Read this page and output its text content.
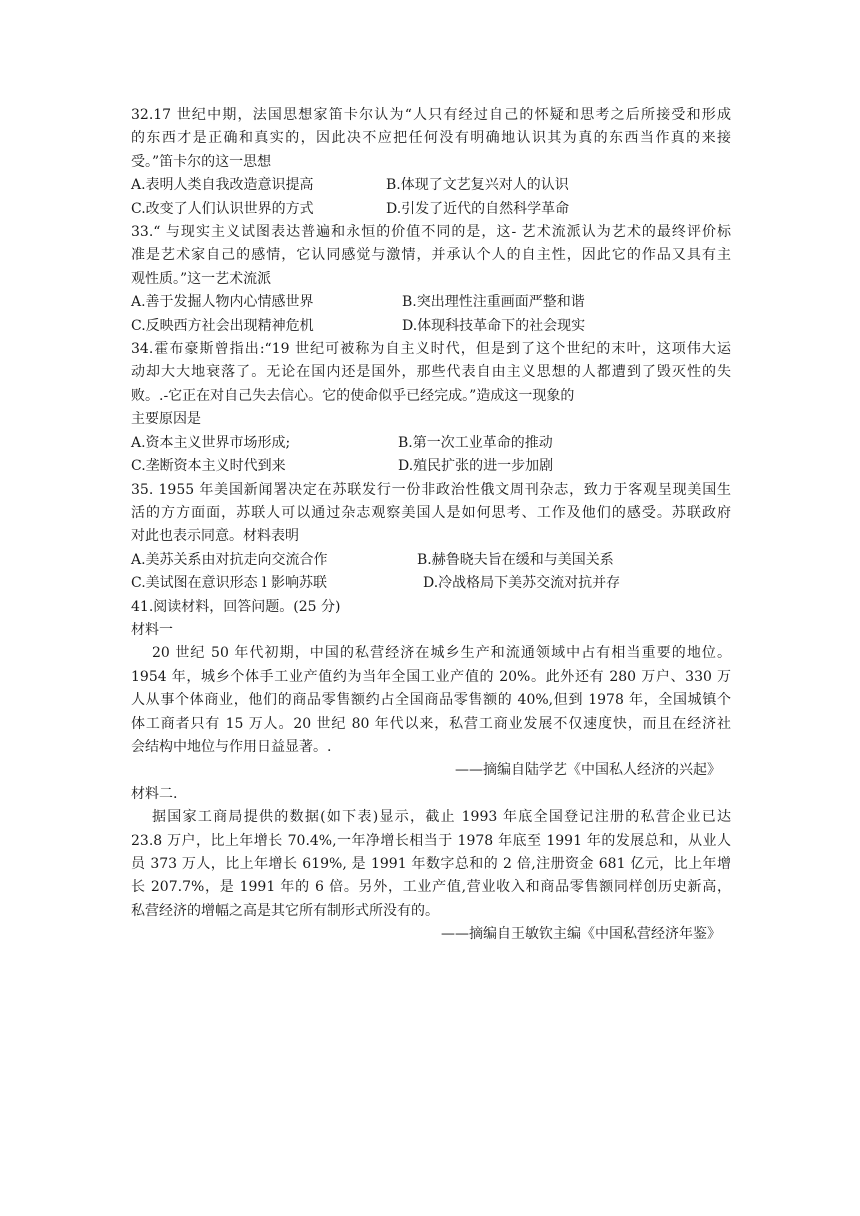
32.17 世纪中期，法国思想家笛卡尔认为“人只有经过自己的怀疑和思考之后所接受和形成
的东西才是正确和真实的，因此决不应把任何没有明确地认识其为真的东西当作真的来接
受。”笛卡尔的这一思想
A.表明人类自我改造意识提高	B.体现了文艺复兴对人的认识
C.改变了人们认识世界的方式	D.引发了近代的自然科学革命
33.“ 与现实主义试图表达普遍和永恒的价值不同的是，这- 艺术流派认为艺术的最终评价标
准是艺术家自己的感情，它认同感觉与激情，并承认个人的自主性，因此它的作品又具有主
观性质。”这一艺术流派
A.善于发掘人物内心情感世界	B.突出理性注重画面严整和谐
C.反映西方社会出现精神危机	D.体现科技革命下的社会现实
34.霍布豪斯曾指出:“19 世纪可被称为自主义时代，但是到了这个世纪的末叶，这项伟大运
动却大大地衰落了。无论在国内还是国外，那些代表自由主义思想的人都遭到了毁灭性的失
败。.-它正在对自己失去信心。它的使命似乎已经完成。”造成这一现象的
主要原因是
A.资本主义世界市场形成;	B.第一次工业革命的推动
C.垄断资本主义时代到来	D.殖民扩张的进一步加剧
35. 1955 年美国新闻署决定在苏联发行一份非政治性俄文周刊杂志，致力于客观呈现美国生
活的方方面面，苏联人可以通过杂志观察美国人是如何思考、工作及他们的感受。苏联政府
对此也表示同意。材料表明
A.美苏关系由对抗走向交流合作	B.赫鲁晓夫旨在缓和与美国关系
C.美试图在意识形态 l 影响苏联	D.冷战格局下美苏交流对抗并存
41.阅读材料，回答问题。(25 分)
材料一
20 世纪 50 年代初期，中国的私营经济在城乡生产和流通领域中占有相当重要的地位。
1954 年，城乡个体手工业产值约为当年全国工业产值的 20%。此外还有 280 万户、330 万
人从事个体商业，他们的商品零售额约占全国商品零售额的 40%,但到 1978 年，全国城镇个
体工商者只有 15 万人。20 世纪 80 年代以来，私营工商业发展不仅速度快，而且在经济社
会结构中地位与作用日益显著。.
——摘编自陆学艺《中国私人经济的兴起》
材料二.
据国家工商局提供的数据(如下表)显示，截止 1993 年底全国登记注册的私营企业已达
23.8 万户，比上年增长 70.4%,一年净增长相当于 1978 年底至 1991 年的发展总和，从业人
员 373 万人，比上年增长 619%, 是 1991 年数字总和的 2 倍,注册资金 681 亿元，比上年增
长 207.7%，是 1991 年的 6 倍。另外，工业产值,营业收入和商品零售额同样创历史新高，
私营经济的增幅之高是其它所有制形式所没有的。
——摘编自王敏钦主编《中国私营经济年鉴》
